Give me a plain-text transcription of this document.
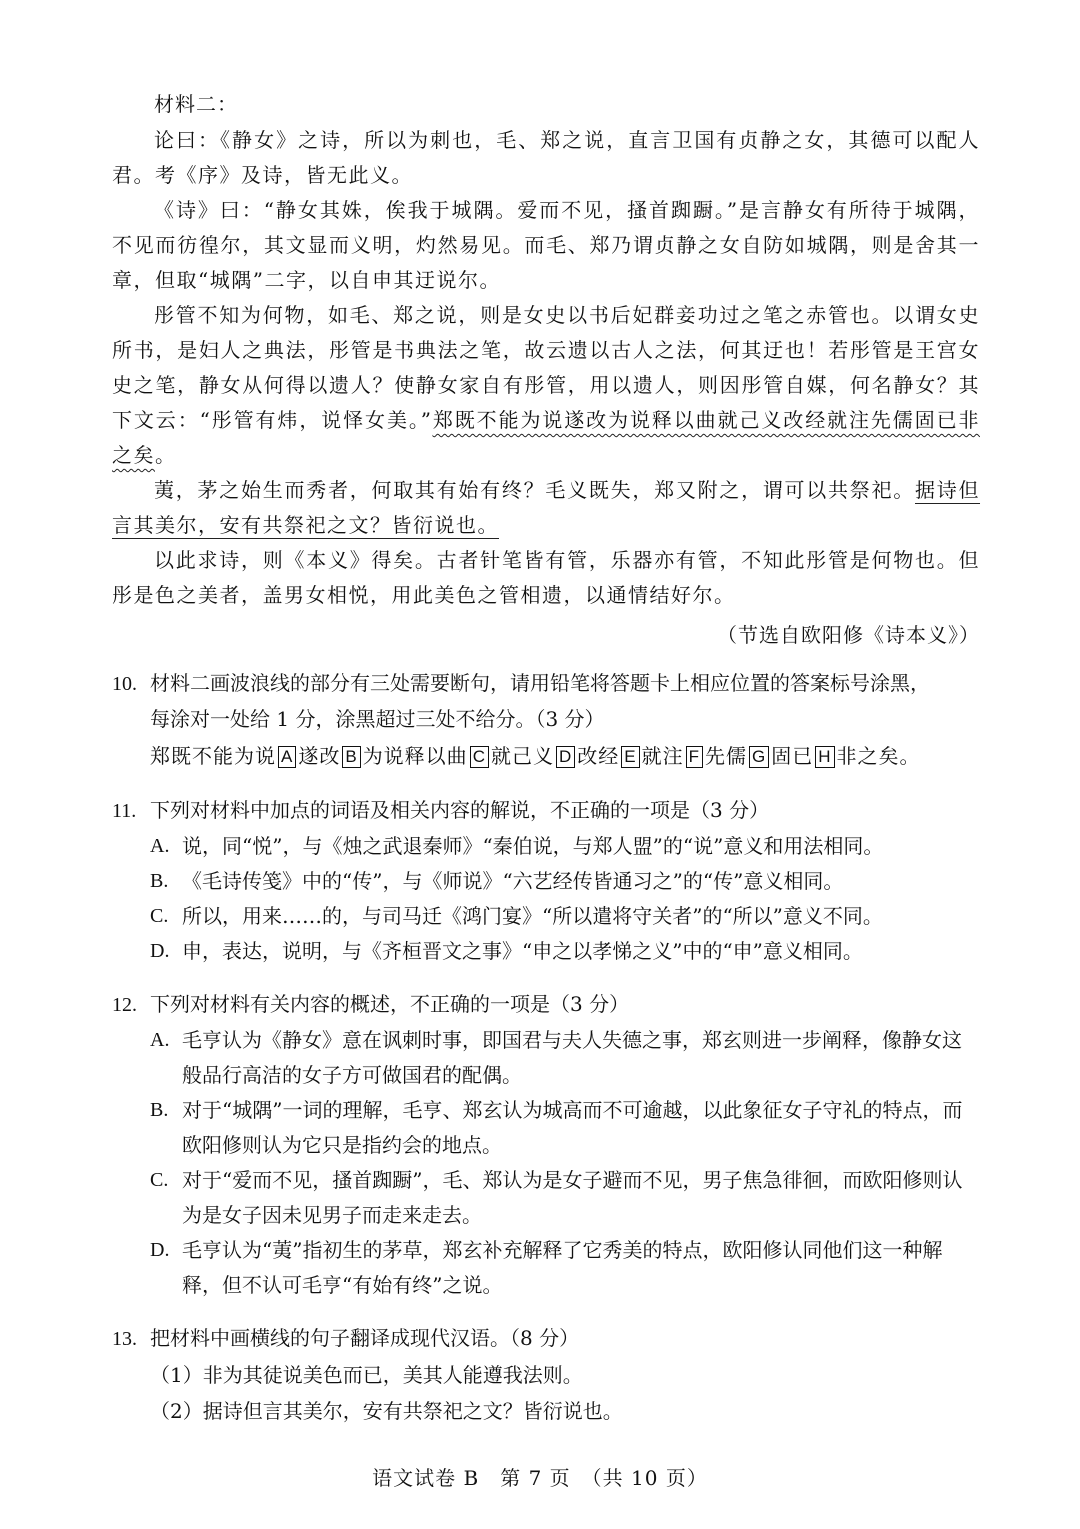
材料二：

论曰：《静女》之诗，所以为刺也，毛、郑之说，直言卫国有贞静之女，其德可以配人君。考《序》及诗，皆无此义。

《诗》曰：“静女其姝，俟我于城隅。爱而不见，搔首踟蹰。”是言静女有所待于城隅，不见而彷徨尔，其文显而义明，灼然易见。而毛、郑乃谓贞静之女自防如城隅，则是舍其一章，但取“城隅”二字，以自申其迂说尔。

彤管不知为何物，如毛、郑之说，则是女史以书后妃群妾功过之笔之赤管也。以谓女史所书，是妇人之典法，彤管是书典法之笔，故云遗以古人之法，何其迂也！若彤管是王宫女史之笔，静女从何得以遗人？使静女家自有彤管，用以遗人，则因彤管自媒，何名静女？其下文云：“彤管有炜，说怿女美。”郑既不能为说遂改为说释以曲就己义改经就注先儒固已非之矣。

荑，茅之始生而秀者，何取其有始有终？毛义既失，郑又附之，谓可以共祭祀。据诗但言其美尔，安有共祭祀之文？皆衍说也。

以此求诗，则《本义》得矣。古者针笔皆有管，乐器亦有管，不知此彤管是何物也。但彤是色之美者，盖男女相悦，用此美色之管相遗，以通情结好尔。

（节选自欧阳修《诗本义》）
10. 材料二画波浪线的部分有三处需要断句，请用铅笔将答题卡上相应位置的答案标号涂黑，
每涂对一处给 1 分，涂黑超过三处不给分。（3 分）
郑既不能为说 A 遂改 B 为说释以曲 C 就己义 D 改经 E 就注 F 先儒 G 固已 H 非之矣。
11. 下列对材料中加点的词语及相关内容的解说，不正确的一项是（3 分）
A. 说，同“悦”，与《烛之武退秦师》“秦伯说，与郑人盟”的“说”意义和用法相同。
B. 《毛诗传笺》中的“传”，与《师说》“六艺经传皆通习之”的“传”意义相同。
C. 所以，用来……的，与司马迁《鸿门宴》“所以遣将守关者”的“所以”意义不同。
D. 申，表达，说明，与《齐桓晋文之事》“申之以孝悌之义”中的“申”意义相同。
12. 下列对材料有关内容的概述，不正确的一项是（3 分）
A. 毛亨认为《静女》意在讽刺时事，即国君与夫人失德之事，郑玄则进一步阐释，像静女这般品行高洁的女子方可做国君的配偶。
B. 对于“城隅”一词的理解，毛亨、郑玄认为城高而不可逾越，以此象征女子守礼的特点，而欧阳修则认为它只是指约会的地点。
C. 对于“爱而不见，搔首踟蹰”，毛、郑认为是女子避而不见，男子焦急徘徊，而欧阳修则认为是女子因未见男子而走来走去。
D. 毛亨认为“荑”指初生的茅草，郑玄补充解释了它秀美的特点，欧阳修认同他们这一种解释，但不认可毛亨“有始有终”之说。
13. 把材料中画横线的句子翻译成现代汉语。（8 分）
（1）非为其徒说美色而已，美其人能遵我法则。
（2）据诗但言其美尔，安有共祭祀之文？皆衍说也。
语文试卷 B　第 7 页　（共 10 页）
